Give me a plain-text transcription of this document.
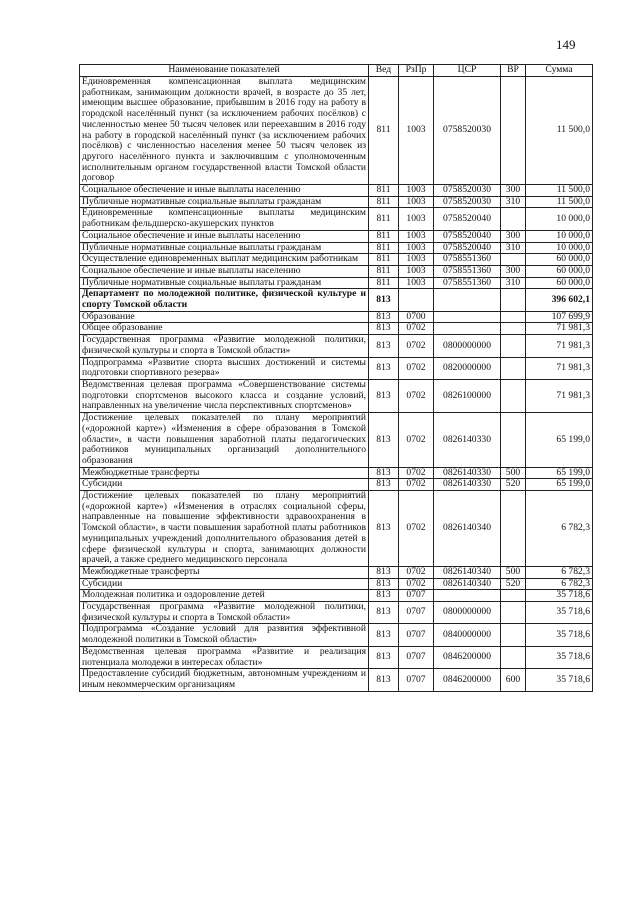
149
Наименование показателей	Вед	РзПр	ЦСР	ВР	Сумма
Единовременная компенсационная выплата медицинским работникам, занимающим должности врачей, в возрасте до 35 лет, имеющим высшее образование, прибывшим в 2016 году на работу в городской населённый пункт (за исключением рабочих посёлков) с численностью менее 50 тысяч человек или переехавшим в 2016 году на работу в городской населённый пункт (за исключением рабочих посёлков) с численностью населения менее 50 тысяч человек из другого населённого пункта и заключившим с уполномоченным исполнительным органом государственной власти Томской области договор	811	1003	0758520030		11 500,0
Социальное обеспечение и иные выплаты населению	811	1003	0758520030	300	11 500,0
Публичные нормативные социальные выплаты гражданам	811	1003	0758520030	310	11 500,0
Единовременные компенсационные выплаты медицинским работникам фельдшерско-акушерских пунктов	811	1003	0758520040		10 000,0
Социальное обеспечение и иные выплаты населению	811	1003	0758520040	300	10 000,0
Публичные нормативные социальные выплаты гражданам	811	1003	0758520040	310	10 000,0
Осуществление единовременных выплат медицинским работникам	811	1003	0758551360		60 000,0
Социальное обеспечение и иные выплаты населению	811	1003	0758551360	300	60 000,0
Публичные нормативные социальные выплаты гражданам	811	1003	0758551360	310	60 000,0
Департамент по молодежной политике, физической культуре и спорту Томской области	813				396 602,1
Образование	813	0700			107 699,9
Общее образование	813	0702			71 981,3
Государственная программа «Развитие молодежной политики, физической культуры и спорта в Томской области»	813	0702	0800000000		71 981,3
Подпрограмма «Развитие спорта высших достижений и системы подготовки спортивного резерва»	813	0702	0820000000		71 981,3
Ведомственная целевая программа «Совершенствование системы подготовки спортсменов высокого класса и создание условий, направленных на увеличение числа перспективных спортсменов»	813	0702	0826100000		71 981,3
Достижение целевых показателей по плану мероприятий («дорожной карте») «Изменения в сфере образования в Томской области», в части повышения заработной платы педагогических работников муниципальных организаций дополнительного образования	813	0702	0826140330		65 199,0
Межбюджетные трансферты	813	0702	0826140330	500	65 199,0
Субсидии	813	0702	0826140330	520	65 199,0
Достижение целевых показателей по плану мероприятий («дорожной карте») «Изменения в отраслях социальной сферы, направленные на повышение эффективности здравоохранения в Томской области», в части повышения заработной платы работников муниципальных учреждений дополнительного образования детей в сфере физической культуры и спорта, занимающих должности врачей, а также среднего медицинского персонала	813	0702	0826140340		6 782,3
Межбюджетные трансферты	813	0702	0826140340	500	6 782,3
Субсидии	813	0702	0826140340	520	6 782,3
Молодежная политика и оздоровление детей	813	0707			35 718,6
Государственная программа «Развитие молодежной политики, физической культуры и спорта в Томской области»	813	0707	0800000000		35 718,6
Подпрограмма «Создание условий для развития эффективной молодежной политики в Томской области»	813	0707	0840000000		35 718,6
Ведомственная целевая программа «Развитие и реализация потенциала молодежи в интересах области»	813	0707	0846200000		35 718,6
Предоставление субсидий бюджетным, автономным учреждениям и иным некоммерческим организациям	813	0707	0846200000	600	35 718,6
